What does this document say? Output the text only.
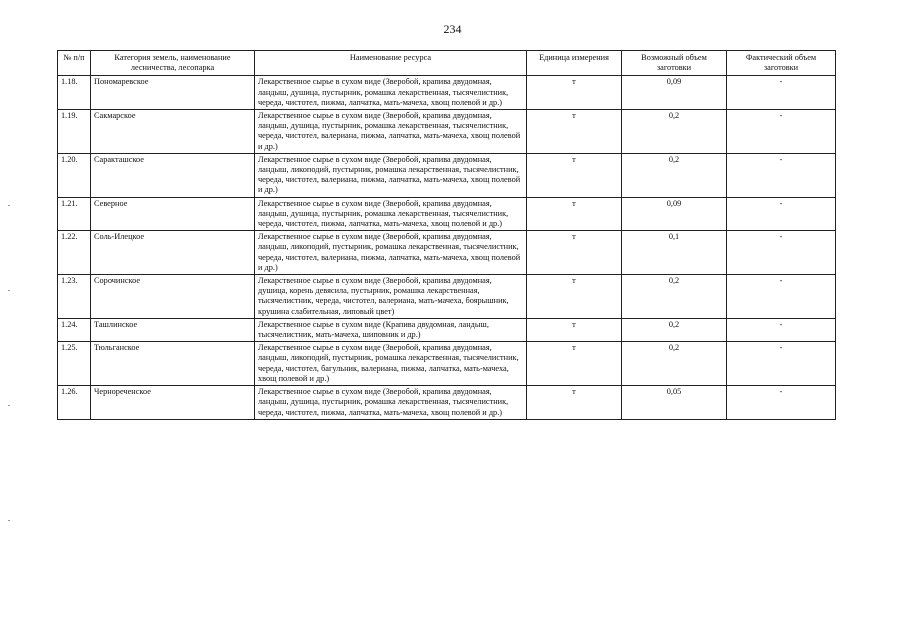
234
№ п/п	Категория земель, наименование лесничества, лесопарка	Наименование ресурса	Единица измерения	Возможный объем заготовки	Фактический объем заготовки
1.18.	Пономаревское	Лекарственное сырье в сухом виде (Зверобой, крапива двудомная, ландыш, душица, пустырник, ромашка лекарственная, тысячелистник, череда, чистотел, пижма, лапчатка, мать-мачеха, хвощ полевой и др.)	т	0,09	-
1.19.	Сакмарское	Лекарственное сырье в сухом виде (Зверобой, крапива двудомная, ландыш, душица, пустырник, ромашка лекарственная, тысячелистник, череда, чистотел, валериана, пижма, лапчатка, мать-мачеха, хвощ полевой и др.)	т	0,2	-
1.20.	Саракташское	Лекарственное сырье в сухом виде (Зверобой, крапива двудомная, ландыш, ликоподий, пустырник, ромашка лекарственная, тысячелистник, череда, чистотел, валериана, пижма, лапчатка, мать-мачеха, хвощ полевой и др.)	т	0,2	-
1.21.	Северное	Лекарственное сырье в сухом виде (Зверобой, крапива двудомная, ландыш, душица, пустырник, ромашка лекарственная, тысячелистник, череда, чистотел, пижма, лапчатка, мать-мачеха, хвощ полевой и др.)	т	0,09	-
1.22.	Соль-Илецкое	Лекарственное сырье в сухом виде (Зверобой, крапива двудомная, ландыш, ликоподий, пустырник, ромашка лекарственная, тысячелистник, череда, чистотел, валериана, пижма, лапчатка, мать-мачеха, хвощ полевой и др.)	т	0,1	-
1.23.	Сорочинское	Лекарственное сырье в сухом виде (Зверобой, крапива двудомная, душица, корень девясила, пустырник, ромашка лекарственная, тысячелистник, череда, чистотел, валериана, мать-мачеха, боярышник, крушина слабительная, липовый цвет)	т	0,2	-
1.24.	Ташлинское	Лекарственное сырье в сухом виде (Крапива двудомная, ландыш, тысячелистник, мать-мачеха, шиповник и др.)	т	0,2	-
1.25.	Тюльганское	Лекарственное сырье в сухом виде (Зверобой, крапива двудомная, ландыш, ликоподий, пустырник, ромашка лекарственная, тысячелистник, череда, чистотел, багульник, валериана, пижма, лапчатка, мать-мачеха, хвощ полевой и др.)	т	0,2	-
1.26.	Чернореченское	Лекарственное сырье в сухом виде (Зверобой, крапива двудомная, ландыш, душица, пустырник, ромашка лекарственная, тысячелистник, череда, чистотел, пижма, лапчатка, мать-мачеха, хвощ полевой и др.)	т	0,05	-
